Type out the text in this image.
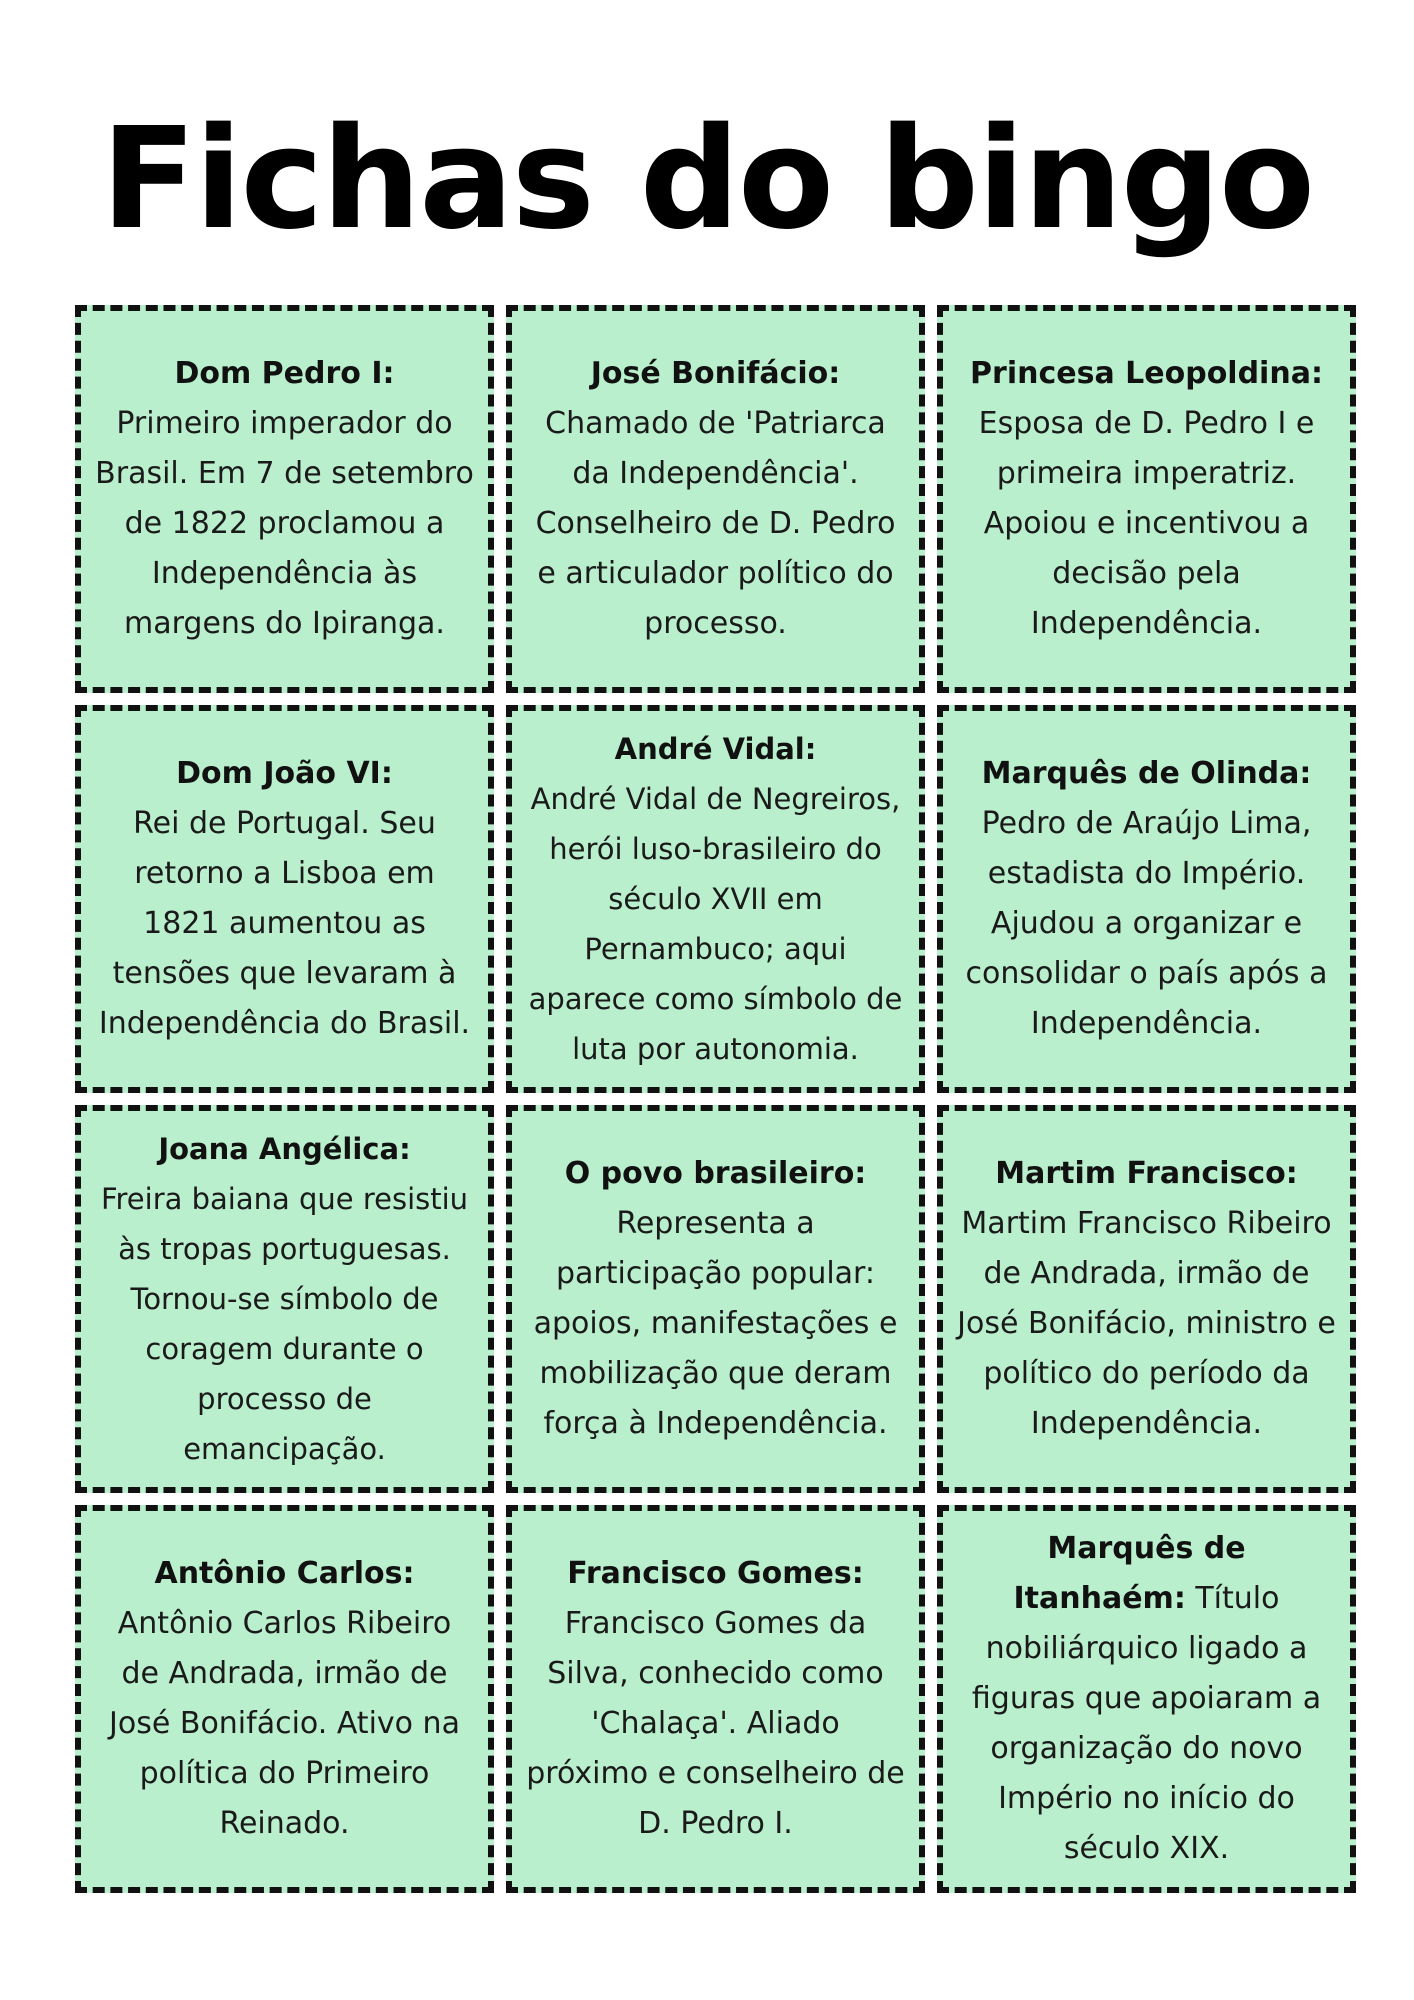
Fichas do bingo

Dom Pedro I:
Primeiro imperador do Brasil. Em 7 de setembro de 1822 proclamou a Independência às margens do Ipiranga.

José Bonifácio:
Chamado de 'Patriarca da Independência'. Conselheiro de D. Pedro e articulador político do processo.

Princesa Leopoldina:
Esposa de D. Pedro I e primeira imperatriz. Apoiou e incentivou a decisão pela Independência.

Dom João VI:
Rei de Portugal. Seu retorno a Lisboa em 1821 aumentou as tensões que levaram à Independência do Brasil.

André Vidal:
André Vidal de Negreiros, herói luso-brasileiro do século XVII em Pernambuco; aqui aparece como símbolo de luta por autonomia.

Marquês de Olinda:
Pedro de Araújo Lima, estadista do Império. Ajudou a organizar e consolidar o país após a Independência.

Joana Angélica:
Freira baiana que resistiu às tropas portuguesas. Tornou-se símbolo de coragem durante o processo de emancipação.

O povo brasileiro:
Representa a participação popular: apoios, manifestações e mobilização que deram força à Independência.

Martim Francisco:
Martim Francisco Ribeiro de Andrada, irmão de José Bonifácio, ministro e político do período da Independência.

Antônio Carlos:
Antônio Carlos Ribeiro de Andrada, irmão de José Bonifácio. Ativo na política do Primeiro Reinado.

Francisco Gomes:
Francisco Gomes da Silva, conhecido como 'Chalaça'. Aliado próximo e conselheiro de D. Pedro I.

Marquês de Itanhaém: Título nobiliárquico ligado a figuras que apoiaram a organização do novo Império no início do século XIX.
